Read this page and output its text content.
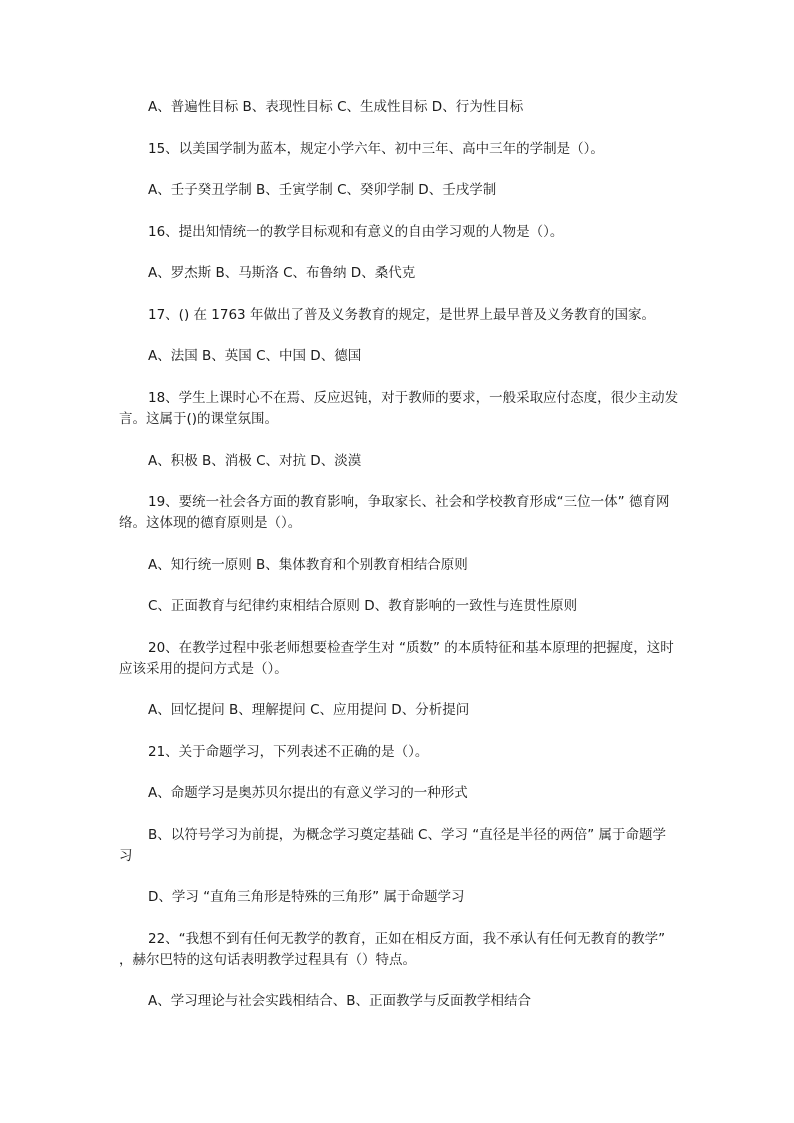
A、普遍性目标 B、表现性目标 C、生成性目标 D、行为性目标
15、以美国学制为蓝本，规定小学六年、初中三年、高中三年的学制是（）。
A、壬子癸丑学制 B、壬寅学制 C、癸卯学制 D、壬戌学制
16、提出知情统一的教学目标观和有意义的自由学习观的人物是（）。
A、罗杰斯 B、马斯洛 C、布鲁纳 D、桑代克
17、() 在 1763 年做出了普及义务教育的规定，是世界上最早普及义务教育的国家。
A、法国 B、英国 C、中国 D、德国
18、学生上课时心不在焉、反应迟钝，对于教师的要求，一般采取应付态度，很少主动发言。这属于()的课堂氛围。
A、积极 B、消极 C、对抗 D、淡漠
19、要统一社会各方面的教育影响，争取家长、社会和学校教育形成“三位一体” 德育网络。这体现的德育原则是（）。
A、知行统一原则 B、集体教育和个别教育相结合原则
C、正面教育与纪律约束相结合原则 D、教育影响的一致性与连贯性原则
20、在教学过程中张老师想要检查学生对 “质数” 的本质特征和基本原理的把握度，这时应该采用的提问方式是（）。
A、回忆提问 B、理解提问 C、应用提问 D、分析提问
21、关于命题学习，下列表述不正确的是（）。
A、命题学习是奥苏贝尔提出的有意义学习的一种形式
B、以符号学习为前提，为概念学习奠定基础 C、学习 “直径是半径的两倍” 属于命题学习
D、学习 “直角三角形是特殊的三角形” 属于命题学习
22、“我想不到有任何无教学的教育，正如在相反方面，我不承认有任何无教育的教学” ，赫尔巴特的这句话表明教学过程具有（）特点。
A、学习理论与社会实践相结合、B、正面教学与反面教学相结合
